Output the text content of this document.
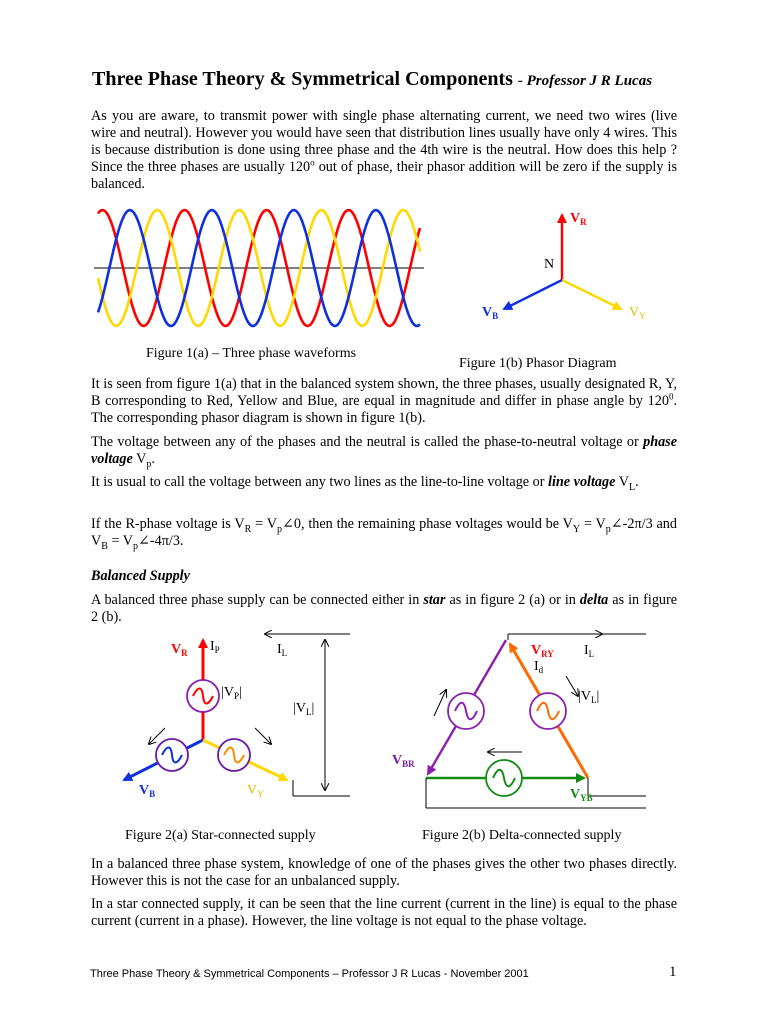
Three Phase Theory & Symmetrical Components - Professor J R Lucas

As you are aware, to transmit power with single phase alternating current, we need two wires (live wire and neutral). However you would have seen that distribution lines usually have only 4 wires. This is because distribution is done using three phase and the 4th wire is the neutral. How does this help ? Since the three phases are usually 120$^o$ out of phase, their phasor addition will be zero if the supply is balanced.

Figure 1(a) – Three phase waveforms
$V_R$
N
$V_B$	$V_Y$
Figure 1(b) Phasor Diagram

It is seen from figure 1(a) that in the balanced system shown, the three phases, usually designated R, Y, B corresponding to Red, Yellow and Blue, are equal in magnitude and differ in phase angle by $120^0$. The corresponding phasor diagram is shown in figure 1(b).

The voltage between any of the phases and the neutral is called the phase-to-neutral voltage or phase voltage $V_p$.

It is usual to call the voltage between any two lines as the line-to-line voltage or line voltage $V_L$.

If the R-phase voltage is $V_R$ = $V_p\angle 0$, then the remaining phase voltages would be $V_Y$ = $V_p\angle-2\pi/3$ and $V_B$ = $V_p\angle-4\pi/3$.

Balanced Supply

A balanced three phase supply can be connected either in star as in figure 2 (a) or in delta as in figure 2 (b).

$V_R$ $I_P$	$I_L$
$|V_P|$
$|V_L|$
$V_B$	$V_Y$
Figure 2(a) Star-connected supply
$V_{RY}$
$I_d$
$I_L$
$|V_L|$
$V_{BR}$
$V_{YB}$
Figure 2(b) Delta-connected supply

In a balanced three phase system, knowledge of one of the phases gives the other two phases directly. However this is not the case for an unbalanced supply.

In a star connected supply, it can be seen that the line current (current in the line) is equal to the phase current (current in a phase). However, the line voltage is not equal to the phase voltage.

Three Phase Theory & Symmetrical Components – Professor J R Lucas - November 2001	1
